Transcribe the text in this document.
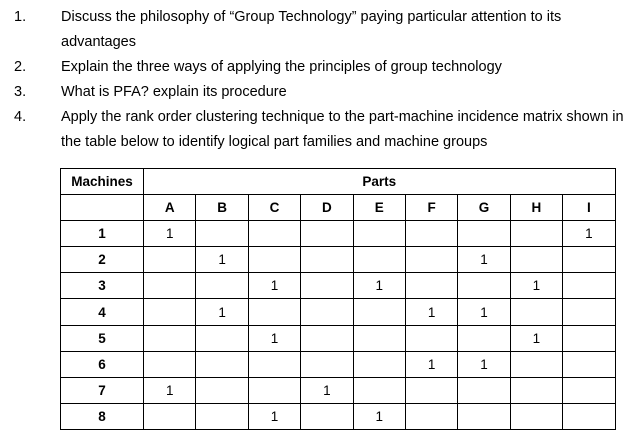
1. Discuss the philosophy of “Group Technology” paying particular attention to its advantages
2. Explain the three ways of applying the principles of group technology
3. What is PFA? explain its procedure
4. Apply the rank order clustering technique to the part-machine incidence matrix shown in the table below to identify logical part families and machine groups
Machines	Parts								
	A	B	C	D	E	F	G	H	I
1	1								1
2		1					1		
3			1		1			1	
4		1				1	1		
5			1					1	
6						1	1		
7	1			1					
8			1		1				
